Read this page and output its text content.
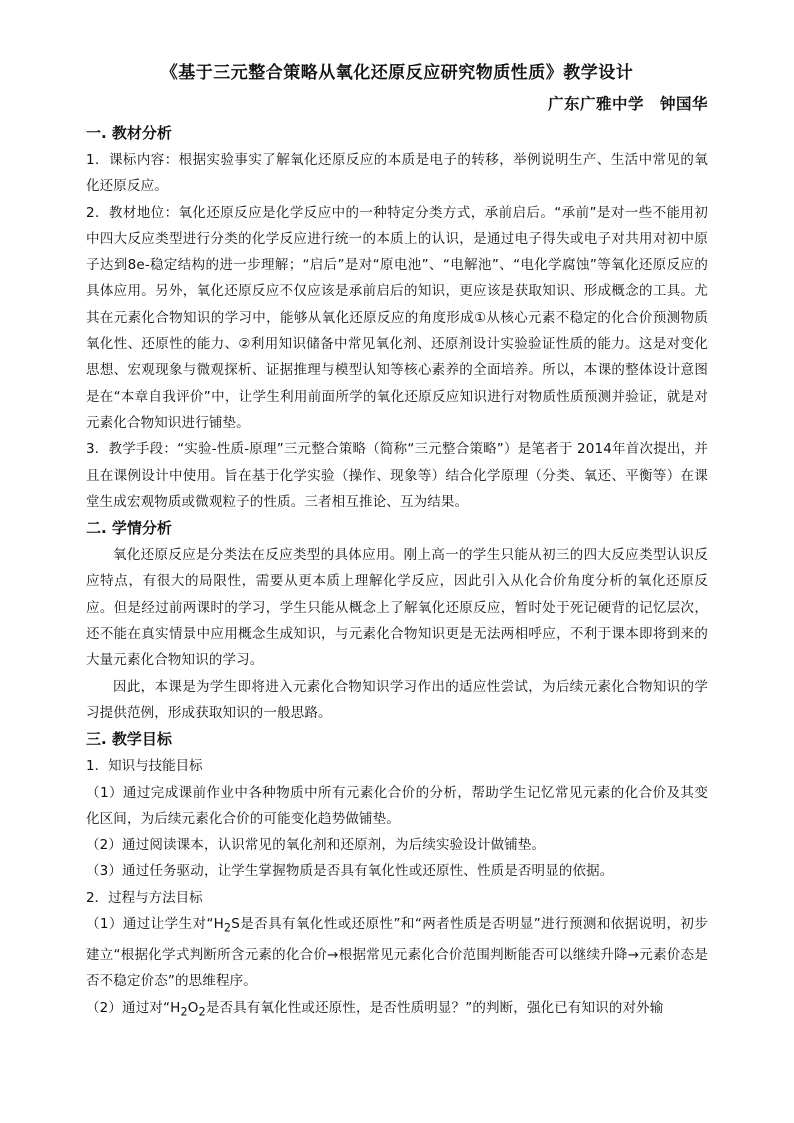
《基于三元整合策略从氧化还原反应研究物质性质》教学设计
广东广雅中学 钟国华

一. 教材分析

1．课标内容：根据实验事实了解氧化还原反应的本质是电子的转移，举例说明生产、生活中常见的氧化还原反应。

2．教材地位：氧化还原反应是化学反应中的一种特定分类方式，承前启后。“承前”是对一些不能用初中四大反应类型进行分类的化学反应进行统一的本质上的认识，是通过电子得失或电子对共用对初中原子达到8e-稳定结构的进一步理解；“启后”是对“原电池”、“电解池”、“电化学腐蚀”等氧化还原反应的具体应用。另外，氧化还原反应不仅应该是承前启后的知识，更应该是获取知识、形成概念的工具。尤其在元素化合物知识的学习中，能够从氧化还原反应的角度形成①从核心元素不稳定的化合价预测物质氧化性、还原性的能力、②利用知识储备中常见氧化剂、还原剂设计实验验证性质的能力。这是对变化思想、宏观现象与微观探析、证据推理与模型认知等核心素养的全面培养。所以，本课的整体设计意图是在“本章自我评价”中，让学生利用前面所学的氧化还原反应知识进行对物质性质预测并验证，就是对元素化合物知识进行铺垫。

3．教学手段：“实验-性质-原理”三元整合策略（简称“三元整合策略”）是笔者于 2014年首次提出，并且在课例设计中使用。旨在基于化学实验（操作、现象等）结合化学原理（分类、氧还、平衡等）在课堂生成宏观物质或微观粒子的性质。三者相互推论、互为结果。

二. 学情分析

氧化还原反应是分类法在反应类型的具体应用。刚上高一的学生只能从初三的四大反应类型认识反应特点，有很大的局限性，需要从更本质上理解化学反应，因此引入从化合价角度分析的氧化还原反应。但是经过前两课时的学习，学生只能从概念上了解氧化还原反应，暂时处于死记硬背的记忆层次，还不能在真实情景中应用概念生成知识，与元素化合物知识更是无法两相呼应，不利于课本即将到来的大量元素化合物知识的学习。

因此，本课是为学生即将进入元素化合物知识学习作出的适应性尝试，为后续元素化合物知识的学习提供范例，形成获取知识的一般思路。

三. 教学目标

1．知识与技能目标

（1）通过完成课前作业中各种物质中所有元素化合价的分析，帮助学生记忆常见元素的化合价及其变化区间，为后续元素化合价的可能变化趋势做铺垫。

（2）通过阅读课本，认识常见的氧化剂和还原剂，为后续实验设计做铺垫。

（3）通过任务驱动，让学生掌握物质是否具有氧化性或还原性、性质是否明显的依据。

2．过程与方法目标

（1）通过让学生对“$H_2S$是否具有氧化性或还原性”和“两者性质是否明显”进行预测和依据说明，初步建立“根据化学式判断所含元素的化合价→根据常见元素化合价范围判断能否可以继续升降→元素价态是否不稳定价态”的思维程序。

（2）通过对“$H_2O_2$是否具有氧化性或还原性，是否性质明显？”的判断，强化已有知识的对外输
